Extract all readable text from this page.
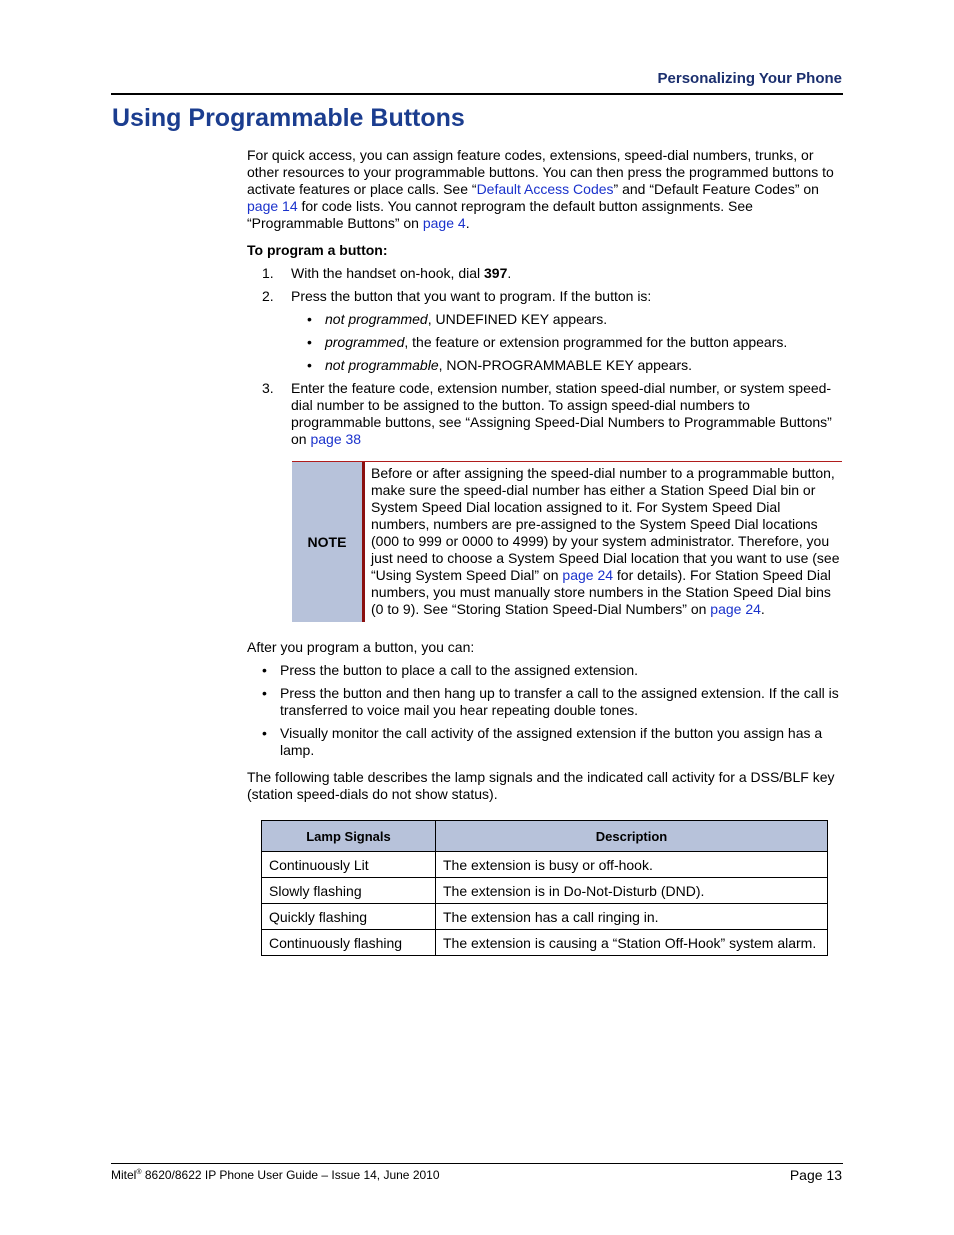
Personalizing Your Phone
Using Programmable Buttons

For quick access, you can assign feature codes, extensions, speed-dial numbers, trunks, or other resources to your programmable buttons. You can then press the programmed buttons to activate features or place calls. See “Default Access Codes” and “Default Feature Codes” on page 14 for code lists. You cannot reprogram the default button assignments. See “Programmable Buttons” on page 4.

To program a button:

1. With the handset on-hook, dial 397.
2. Press the button that you want to program. If the button is:
• not programmed, UNDEFINED KEY appears.
• programmed, the feature or extension programmed for the button appears.
• not programmable, NON-PROGRAMMABLE KEY appears.
3. Enter the feature code, extension number, station speed-dial number, or system speed-dial number to be assigned to the button. To assign speed-dial numbers to programmable buttons, see “Assigning Speed-Dial Numbers to Programmable Buttons” on page 38
NOTE
Before or after assigning the speed-dial number to a programmable button, make sure the speed-dial number has either a Station Speed Dial bin or System Speed Dial location assigned to it. For System Speed Dial numbers, numbers are pre-assigned to the System Speed Dial locations (000 to 999 or 0000 to 4999) by your system administrator. Therefore, you just need to choose a System Speed Dial location that you want to use (see “Using System Speed Dial” on page 24 for details). For Station Speed Dial numbers, you must manually store numbers in the Station Speed Dial bins (0 to 9). See “Storing Station Speed-Dial Numbers” on page 24.

After you program a button, you can:

• Press the button to place a call to the assigned extension.
• Press the button and then hang up to transfer a call to the assigned extension. If the call is transferred to voice mail you hear repeating double tones.
• Visually monitor the call activity of the assigned extension if the button you assign has a lamp.

The following table describes the lamp signals and the indicated call activity for a DSS/BLF key (station speed-dials do not show status).

Lamp Signals	Description
Continuously Lit	The extension is busy or off-hook.
Slowly flashing	The extension is in Do-Not-Disturb (DND).
Quickly flashing	The extension has a call ringing in.
Continuously flashing	The extension is causing a “Station Off-Hook” system alarm.
Mitel® 8620/8622 IP Phone User Guide – Issue 14, June 2010	Page 13
